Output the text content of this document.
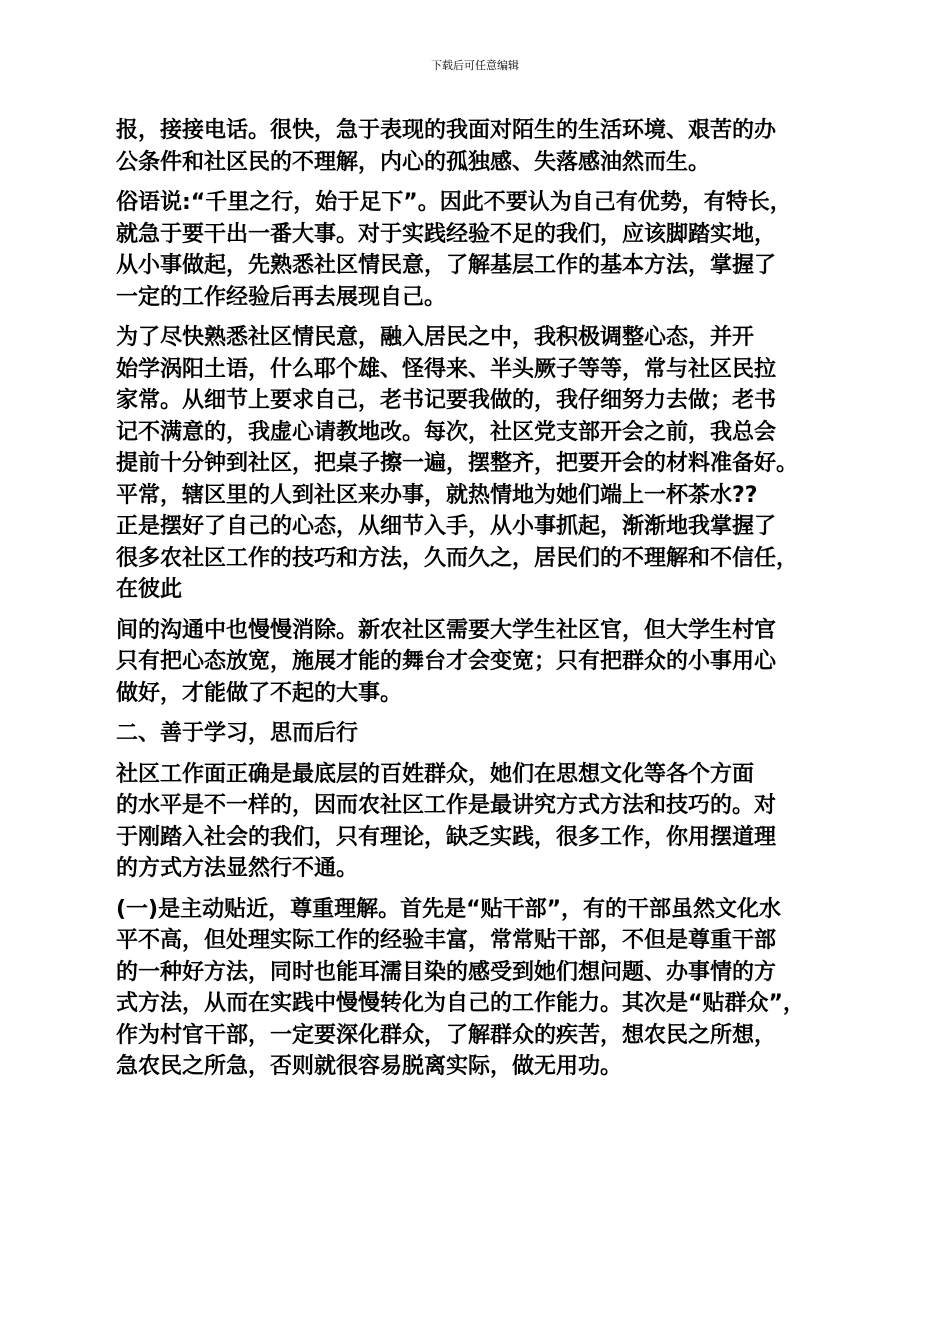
下载后可任意编辑
报，接接电话。很快，急于表现的我面对陌生的生活环境、艰苦的办
公条件和社区民的不理解，内心的孤独感、失落感油然而生。
俗语说:“千里之行，始于足下”。因此不要认为自己有优势，有特长，
就急于要干出一番大事。对于实践经验不足的我们，应该脚踏实地，
从小事做起，先熟悉社区情民意，了解基层工作的基本方法，掌握了
一定的工作经验后再去展现自己。
为了尽快熟悉社区情民意，融入居民之中，我积极调整心态，并开
始学涡阳土语，什么耶个雄、怪得来、半头厥子等等，常与社区民拉
家常。从细节上要求自己，老书记要我做的，我仔细努力去做；老书
记不满意的，我虚心请教地改。每次，社区党支部开会之前，我总会
提前十分钟到社区，把桌子擦一遍，摆整齐，把要开会的材料准备好。
平常，辖区里的人到社区来办事，就热情地为她们端上一杯茶水??
正是摆好了自己的心态，从细节入手，从小事抓起，渐渐地我掌握了
很多农社区工作的技巧和方法，久而久之，居民们的不理解和不信任，
在彼此
间的沟通中也慢慢消除。新农社区需要大学生社区官，但大学生村官
只有把心态放宽，施展才能的舞台才会变宽；只有把群众的小事用心
做好，才能做了不起的大事。
二、善于学习，思而后行
社区工作面正确是最底层的百姓群众，她们在思想文化等各个方面
的水平是不一样的，因而农社区工作是最讲究方式方法和技巧的。对
于刚踏入社会的我们，只有理论，缺乏实践，很多工作，你用摆道理
的方式方法显然行不通。
(一)是主动贴近，尊重理解。首先是“贴干部”，有的干部虽然文化水
平不高，但处理实际工作的经验丰富，常常贴干部，不但是尊重干部
的一种好方法，同时也能耳濡目染的感受到她们想问题、办事情的方
式方法，从而在实践中慢慢转化为自己的工作能力。其次是“贴群众”，
作为村官干部，一定要深化群众，了解群众的疾苦，想农民之所想，
急农民之所急，否则就很容易脱离实际，做无用功。
